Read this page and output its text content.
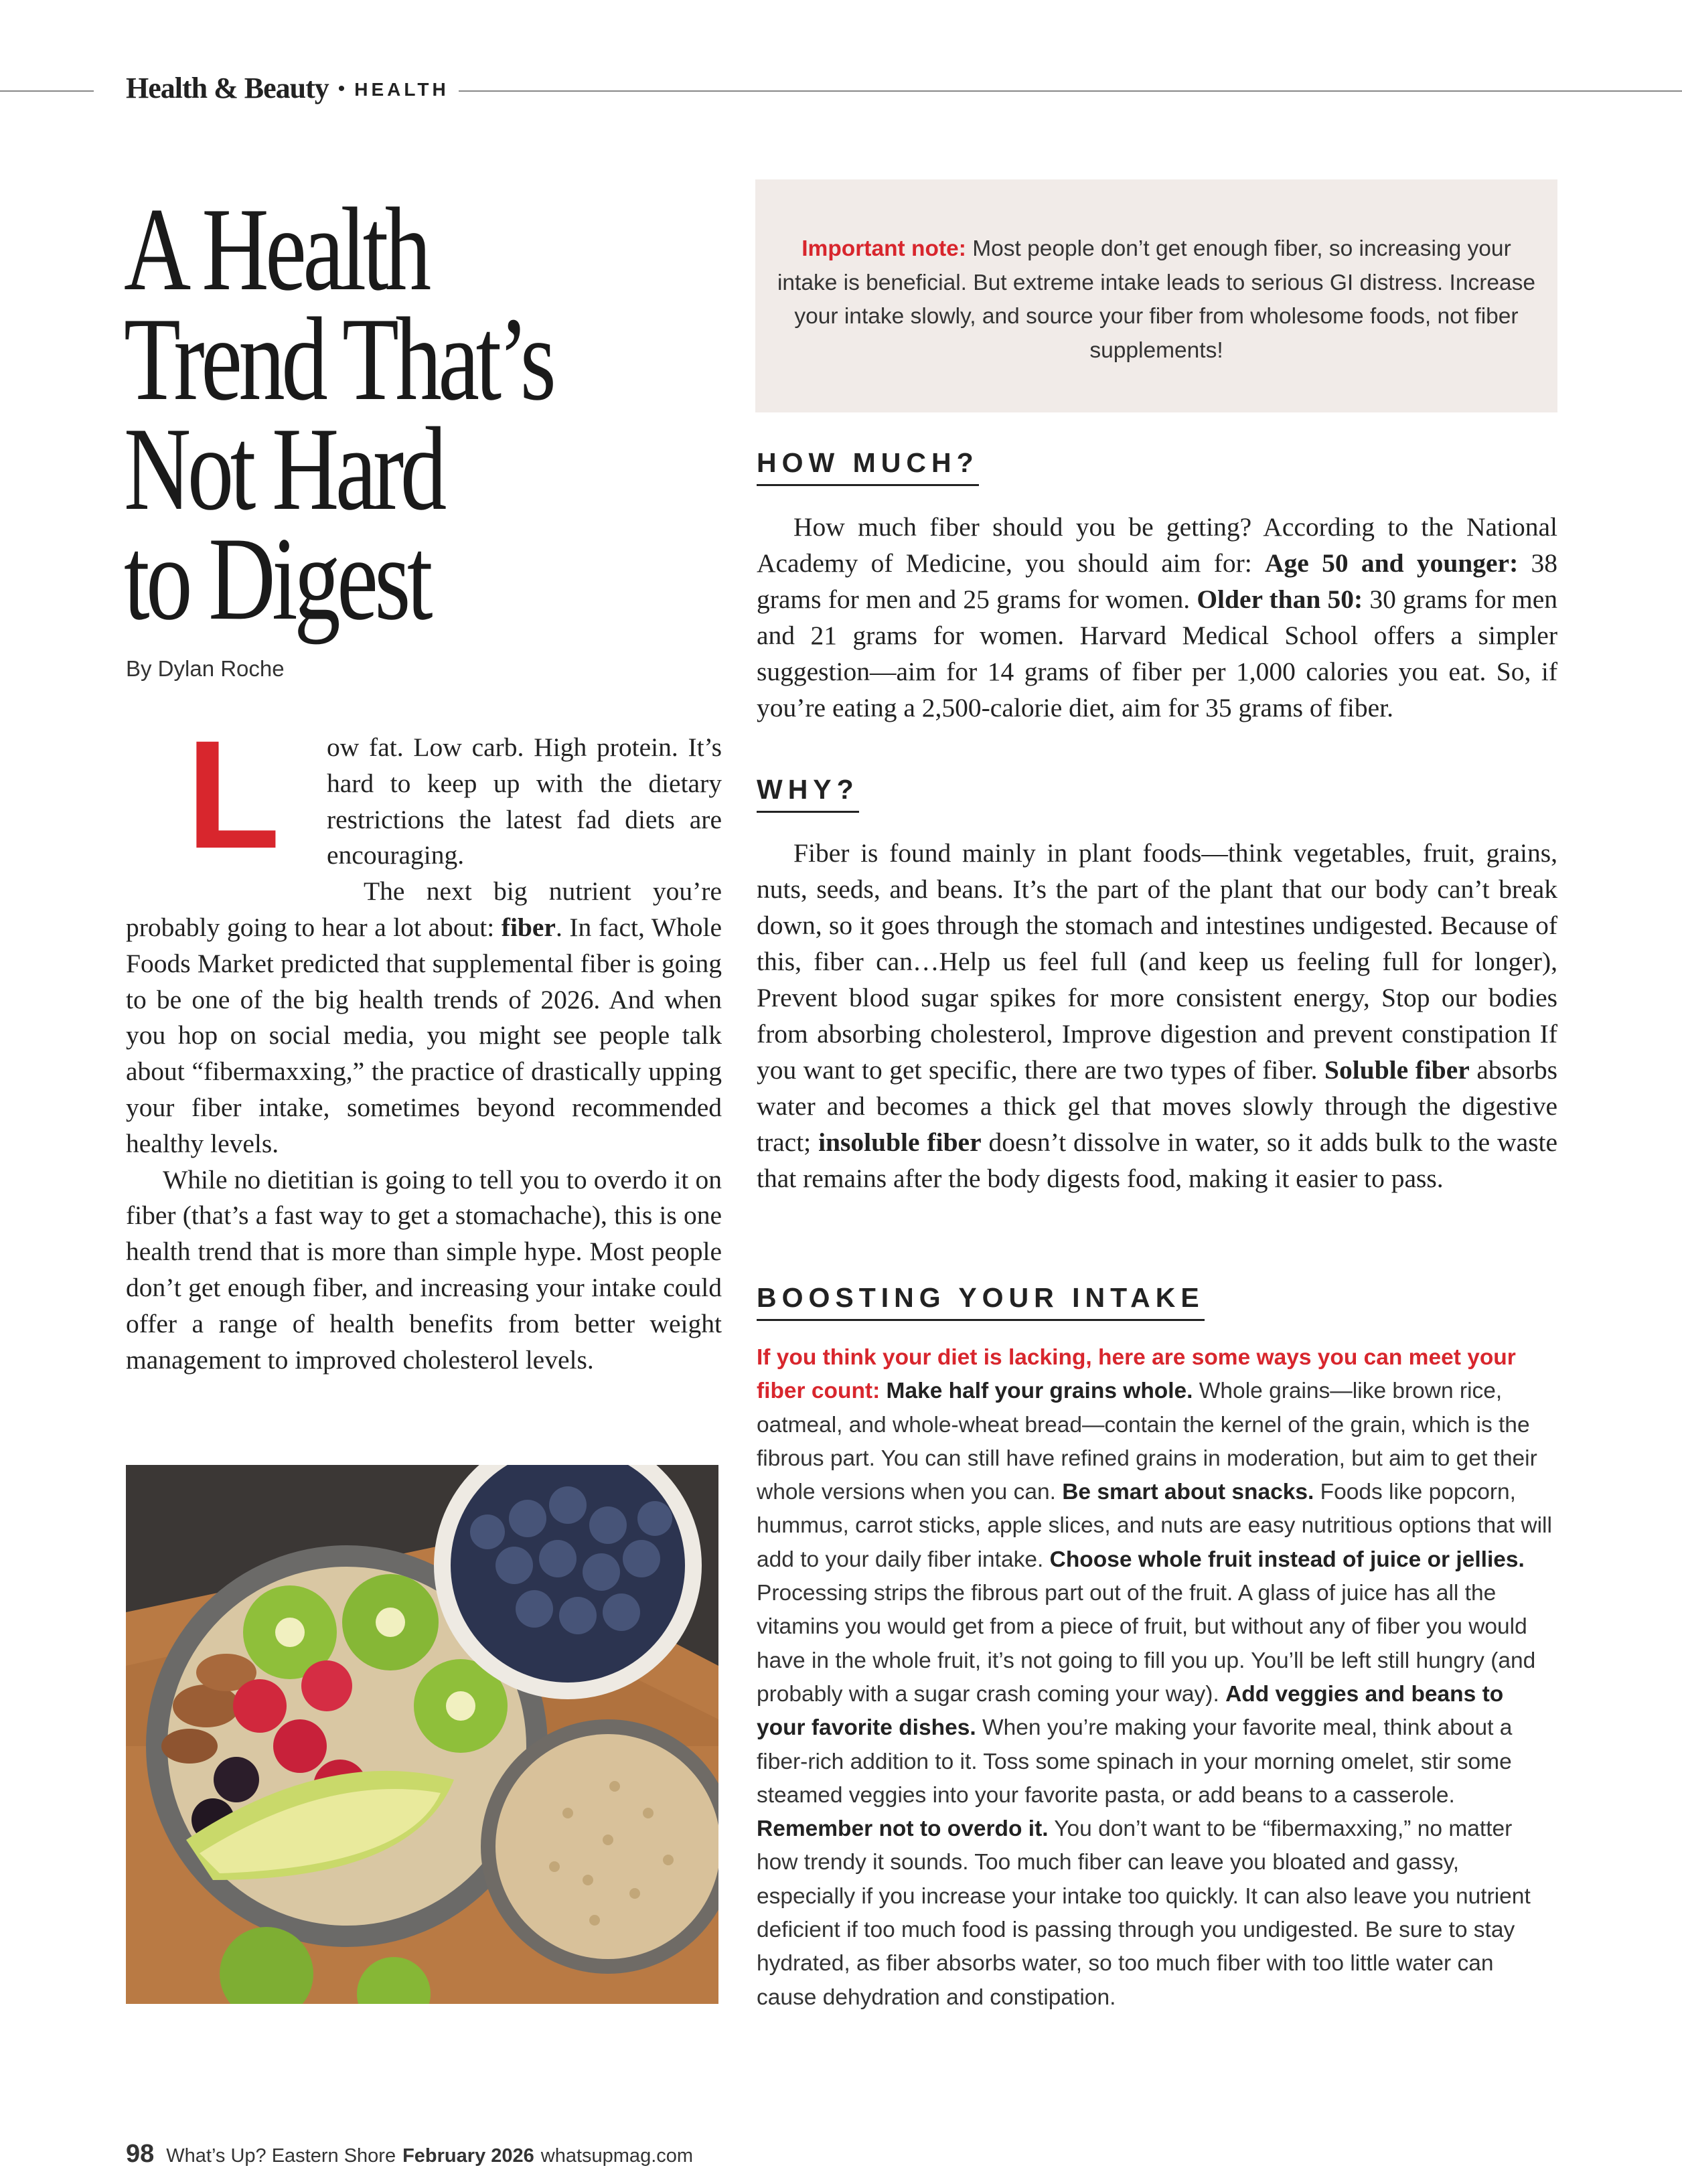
Health & Beauty • HEALTH
A Health
Trend That’s
Not Hard
to Digest
By Dylan Roche
L	ow fat. Low carb. High protein. It’s hard to keep up with the dietary restrictions the latest fad diets are encouraging.

The next big nutrient you’re probably going to hear a lot about: fiber. In fact, Whole Foods Market predicted that supplemental fiber is going to be one of the big health trends of 2026. And when you hop on social media, you might see people talk about “fibermaxxing,” the practice of drastically upping your fiber intake, sometimes beyond recommended healthy levels.

While no dietitian is going to tell you to overdo it on fiber (that’s a fast way to get a stomachache), this is one health trend that is more than simple hype. Most people don’t get enough fiber, and increasing your intake could offer a range of health benefits from better weight management to improved cholesterol levels.

Important note: Most people don’t get enough fiber, so increasing your intake is beneficial. But extreme intake leads to serious GI distress. Increase your intake slowly, and source your fiber from wholesome foods, not fiber supplements!
HOW MUCH?

How much fiber should you be getting? According to the National Academy of Medicine, you should aim for: Age 50 and younger: 38 grams for men and 25 grams for women. Older than 50: 30 grams for men and 21 grams for women. Harvard Medical School offers a simpler suggestion—aim for 14 grams of fiber per 1,000 calories you eat. So, if you’re eating a 2,500-calorie diet, aim for 35 grams of fiber.

WHY?

Fiber is found mainly in plant foods—think vegetables, fruit, grains, nuts, seeds, and beans. It’s the part of the plant that our body can’t break down, so it goes through the stomach and intestines undigested. Because of this, fiber can…Help us feel full (and keep us feeling full for longer), Prevent blood sugar spikes for more consistent energy, Stop our bodies from absorbing cholesterol, Improve digestion and prevent constipation If you want to get specific, there are two types of fiber. Soluble fiber absorbs water and becomes a thick gel that moves slowly through the digestive tract; insoluble fiber doesn’t dissolve in water, so it adds bulk to the waste that remains after the body digests food, making it easier to pass.

BOOSTING YOUR INTAKE

If you think your diet is lacking, here are some ways you can meet your fiber count: Make half your grains whole. Whole grains—like brown rice, oatmeal, and whole-wheat bread—contain the kernel of the grain, which is the fibrous part. You can still have refined grains in moderation, but aim to get their whole versions when you can. Be smart about snacks. Foods like popcorn, hummus, carrot sticks, apple slices, and nuts are easy nutritious options that will add to your daily fiber intake. Choose whole fruit instead of juice or jellies. Processing strips the fibrous part out of the fruit. A glass of juice has all the vitamins you would get from a piece of fruit, but without any of fiber you would have in the whole fruit, it’s not going to fill you up. You’ll be left still hungry (and probably with a sugar crash coming your way). Add veggies and beans to your favorite dishes. When you’re making your favorite meal, think about a fiber-rich addition to it. Toss some spinach in your morning omelet, stir some steamed veggies into your favorite pasta, or add beans to a casserole. Remember not to overdo it. You don’t want to be “fibermaxxing,” no matter how trendy it sounds. Too much fiber can leave you bloated and gassy, especially if you increase your intake too quickly. It can also leave you nutrient deficient if too much food is passing through you undigested. Be sure to stay hydrated, as fiber absorbs water, so too much fiber with too little water can cause dehydration and constipation.

98 What’s Up? Eastern Shore February 2026 whatsupmag.com
